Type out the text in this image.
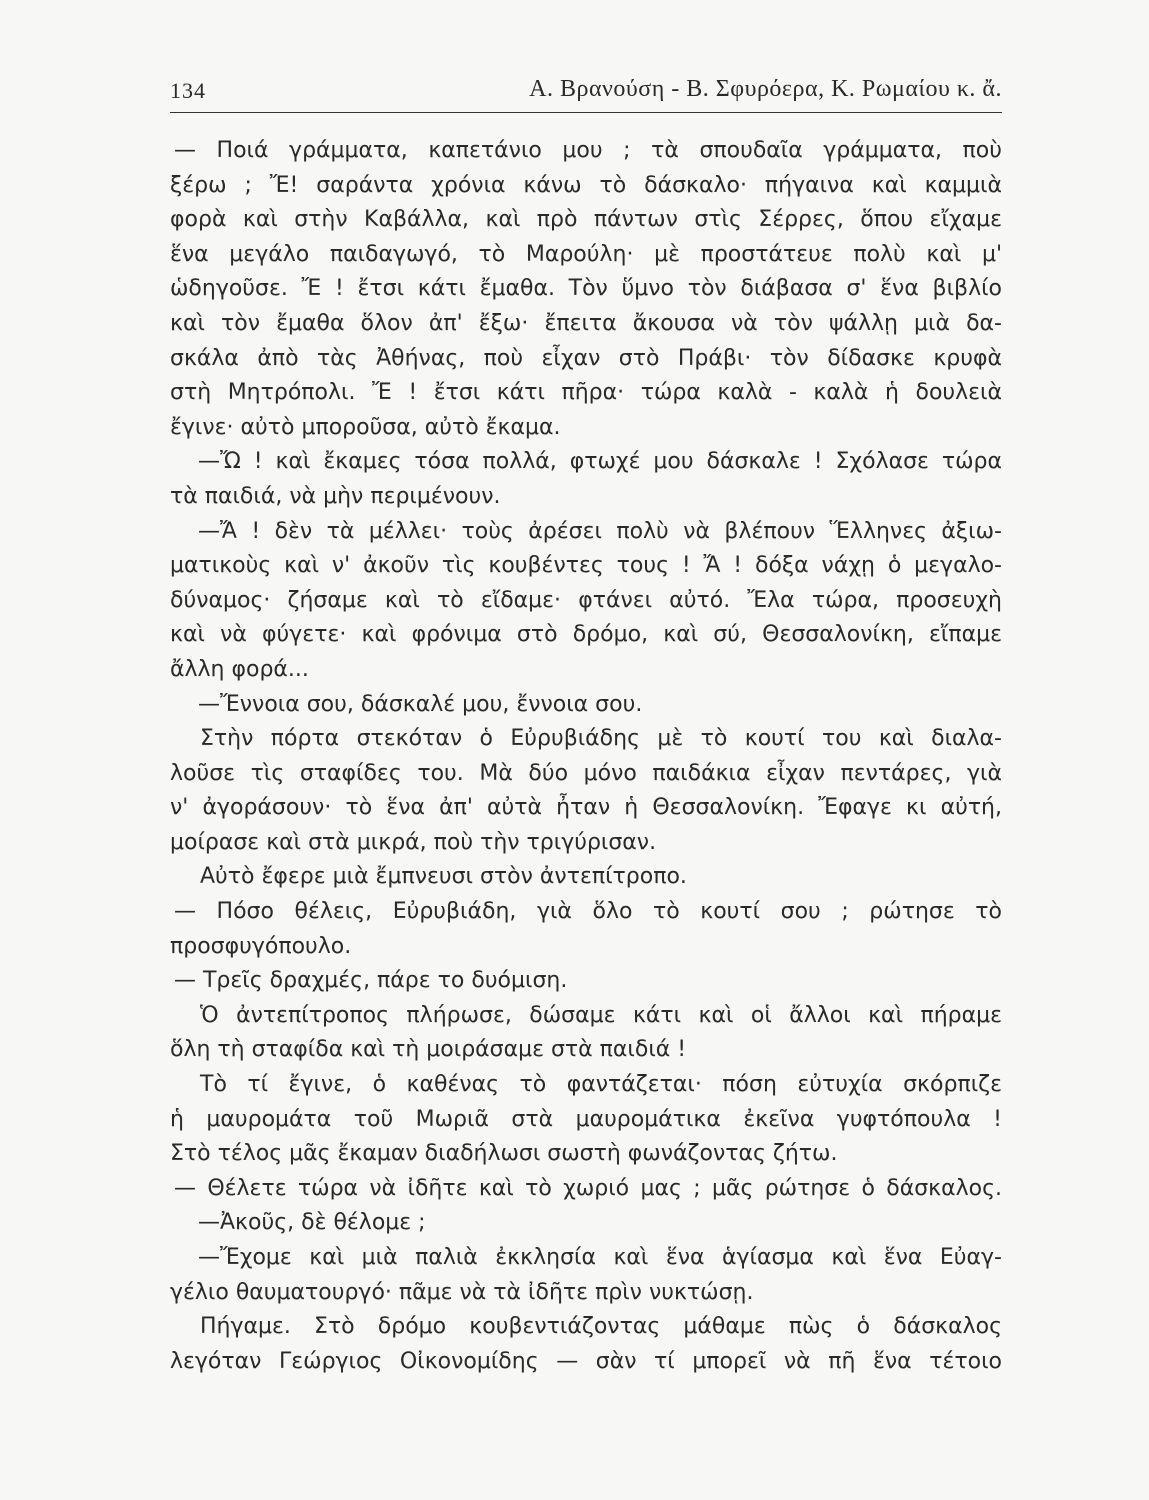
134	Α. Βρανούση - Β. Σφυρόερα, Κ. Ρωμαίου κ. ἄ.
— Ποιά γράμματα, καπετάνιο μου ; τὰ σπουδαῖα γράμματα, ποὺ
ξέρω ; Ἔ! σαράντα χρόνια κάνω τὸ δάσκαλο· πήγαινα καὶ καμμιὰ
φορὰ καὶ στὴν Καβάλλα, καὶ πρὸ πάντων στὶς Σέρρες, ὅπου εἴχαμε
ἕνα μεγάλο παιδαγωγό, τὸ Μαρούλη· μὲ προστάτευε πολὺ καὶ μ'
ὡδηγοῦσε. Ἔ ! ἔτσι κάτι ἔμαθα. Τὸν ὕμνο τὸν διάβασα σ' ἕνα βιβλίο
καὶ τὸν ἔμαθα ὅλον ἀπ' ἔξω· ἔπειτα ἄκουσα νὰ τὸν ψάλλῃ μιὰ δα-
σκάλα ἀπὸ τὰς Ἀθήνας, ποὺ εἶχαν στὸ Πράβι· τὸν δίδασκε κρυφὰ
στὴ Μητρόπολι. Ἔ ! ἔτσι κάτι πῆρα· τώρα καλὰ - καλὰ ἡ δουλειὰ
ἔγινε· αὐτὸ μποροῦσα, αὐτὸ ἔκαμα.
—Ὤ ! καὶ ἔκαμες τόσα πολλά, φτωχέ μου δάσκαλε ! Σχόλασε τώρα
τὰ παιδιά, νὰ μὴν περιμένουν.
—Ἄ ! δὲν τὰ μέλλει· τοὺς ἀρέσει πολὺ νὰ βλέπουν Ἕλληνες ἀξιω-
ματικοὺς καὶ ν' ἀκοῦν τὶς κουβέντες τους ! Ἄ ! δόξα νάχῃ ὁ μεγαλο-
δύναμος· ζήσαμε καὶ τὸ εἴδαμε· φτάνει αὐτό. Ἔλα τώρα, προσευχὴ
καὶ νὰ φύγετε· καὶ φρόνιμα στὸ δρόμο, καὶ σύ, Θεσσαλονίκη, εἴπαμε
ἄλλη φορά...
—Ἔννοια σου, δάσκαλέ μου, ἔννοια σου.
Στὴν πόρτα στεκόταν ὁ Εὐρυβιάδης μὲ τὸ κουτί του καὶ διαλα-
λοῦσε τὶς σταφίδες του. Μὰ δύο μόνο παιδάκια εἶχαν πεντάρες, γιὰ
ν' ἀγοράσουν· τὸ ἕνα ἀπ' αὐτὰ ἦταν ἡ Θεσσαλονίκη. Ἔφαγε κι αὐτή,
μοίρασε καὶ στὰ μικρά, ποὺ τὴν τριγύρισαν.
Αὐτὸ ἔφερε μιὰ ἔμπνευσι στὸν ἀντεπίτροπο.
— Πόσο θέλεις, Εὐρυβιάδη, γιὰ ὅλο τὸ κουτί σου ; ρώτησε τὸ
προσφυγόπουλο.
— Τρεῖς δραχμές, πάρε το δυόμιση.
Ὁ ἀντεπίτροπος πλήρωσε, δώσαμε κάτι καὶ οἱ ἄλλοι καὶ πήραμε
ὅλη τὴ σταφίδα καὶ τὴ μοιράσαμε στὰ παιδιά !
Τὸ τί ἔγινε, ὁ καθένας τὸ φαντάζεται· πόση εὐτυχία σκόρπιζε
ἡ μαυρομάτα τοῦ Μωριᾶ στὰ μαυρομάτικα ἐκεῖνα γυφτόπουλα !
Στὸ τέλος μᾶς ἔκαμαν διαδήλωσι σωστὴ φωνάζοντας ζήτω.
— Θέλετε τώρα νὰ ἰδῆτε καὶ τὸ χωριό μας ; μᾶς ρώτησε ὁ δάσκαλος.
—Ἀκοῦς, δὲ θέλομε ;
—Ἔχομε καὶ μιὰ παλιὰ ἐκκλησία καὶ ἕνα ἁγίασμα καὶ ἕνα Εὐαγ-
γέλιο θαυματουργό· πᾶμε νὰ τὰ ἰδῆτε πρὶν νυκτώσῃ.
Πήγαμε. Στὸ δρόμο κουβεντιάζοντας μάθαμε πὼς ὁ δάσκαλος
λεγόταν Γεώργιος Οἰκονομίδης — σὰν τί μπορεῖ νὰ πῆ ἕνα τέτοιο
